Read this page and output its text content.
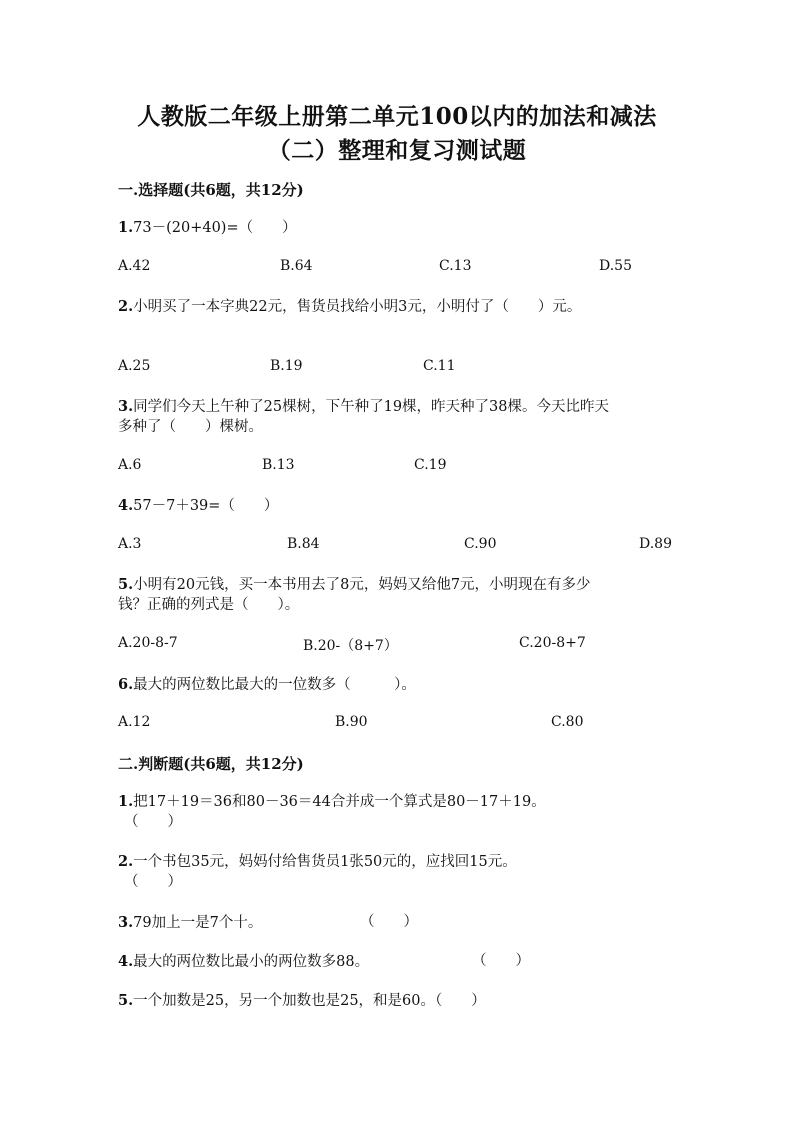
人教版二年级上册第二单元100以内的加法和减法
（二）整理和复习测试题
一.选择题(共6题，共12分)
1.73－(20+40)=（　　）
A.42	B.64	C.13	D.55
2.小明买了一本字典22元，售货员找给小明3元，小明付了（　　）元。
A.25	B.19	C.11
3.同学们今天上午种了25棵树，下午种了19棵，昨天种了38棵。今天比昨天
多种了（　　）棵树。
A.6	B.13	C.19
4.57－7＋39=（　　）
A.3	B.84	C.90	D.89
5.小明有20元钱，买一本书用去了8元，妈妈又给他7元，小明现在有多少
钱？正确的列式是（　　）。
A.20-8-7	B.20-（8+7）	C.20-8+7
6.最大的两位数比最大的一位数多（　　　）。
A.12	B.90	C.80
二.判断题(共6题，共12分)
1.把17＋19＝36和80－36＝44合并成一个算式是80－17＋19。
（　　）
2.一个书包35元，妈妈付给售货员1张50元的，应找回15元。
（　　）
3.79加上一是7个十。	（　　）
4.最大的两位数比最小的两位数多88。	（　　）
5.一个加数是25，另一个加数也是25，和是60。（　　）
